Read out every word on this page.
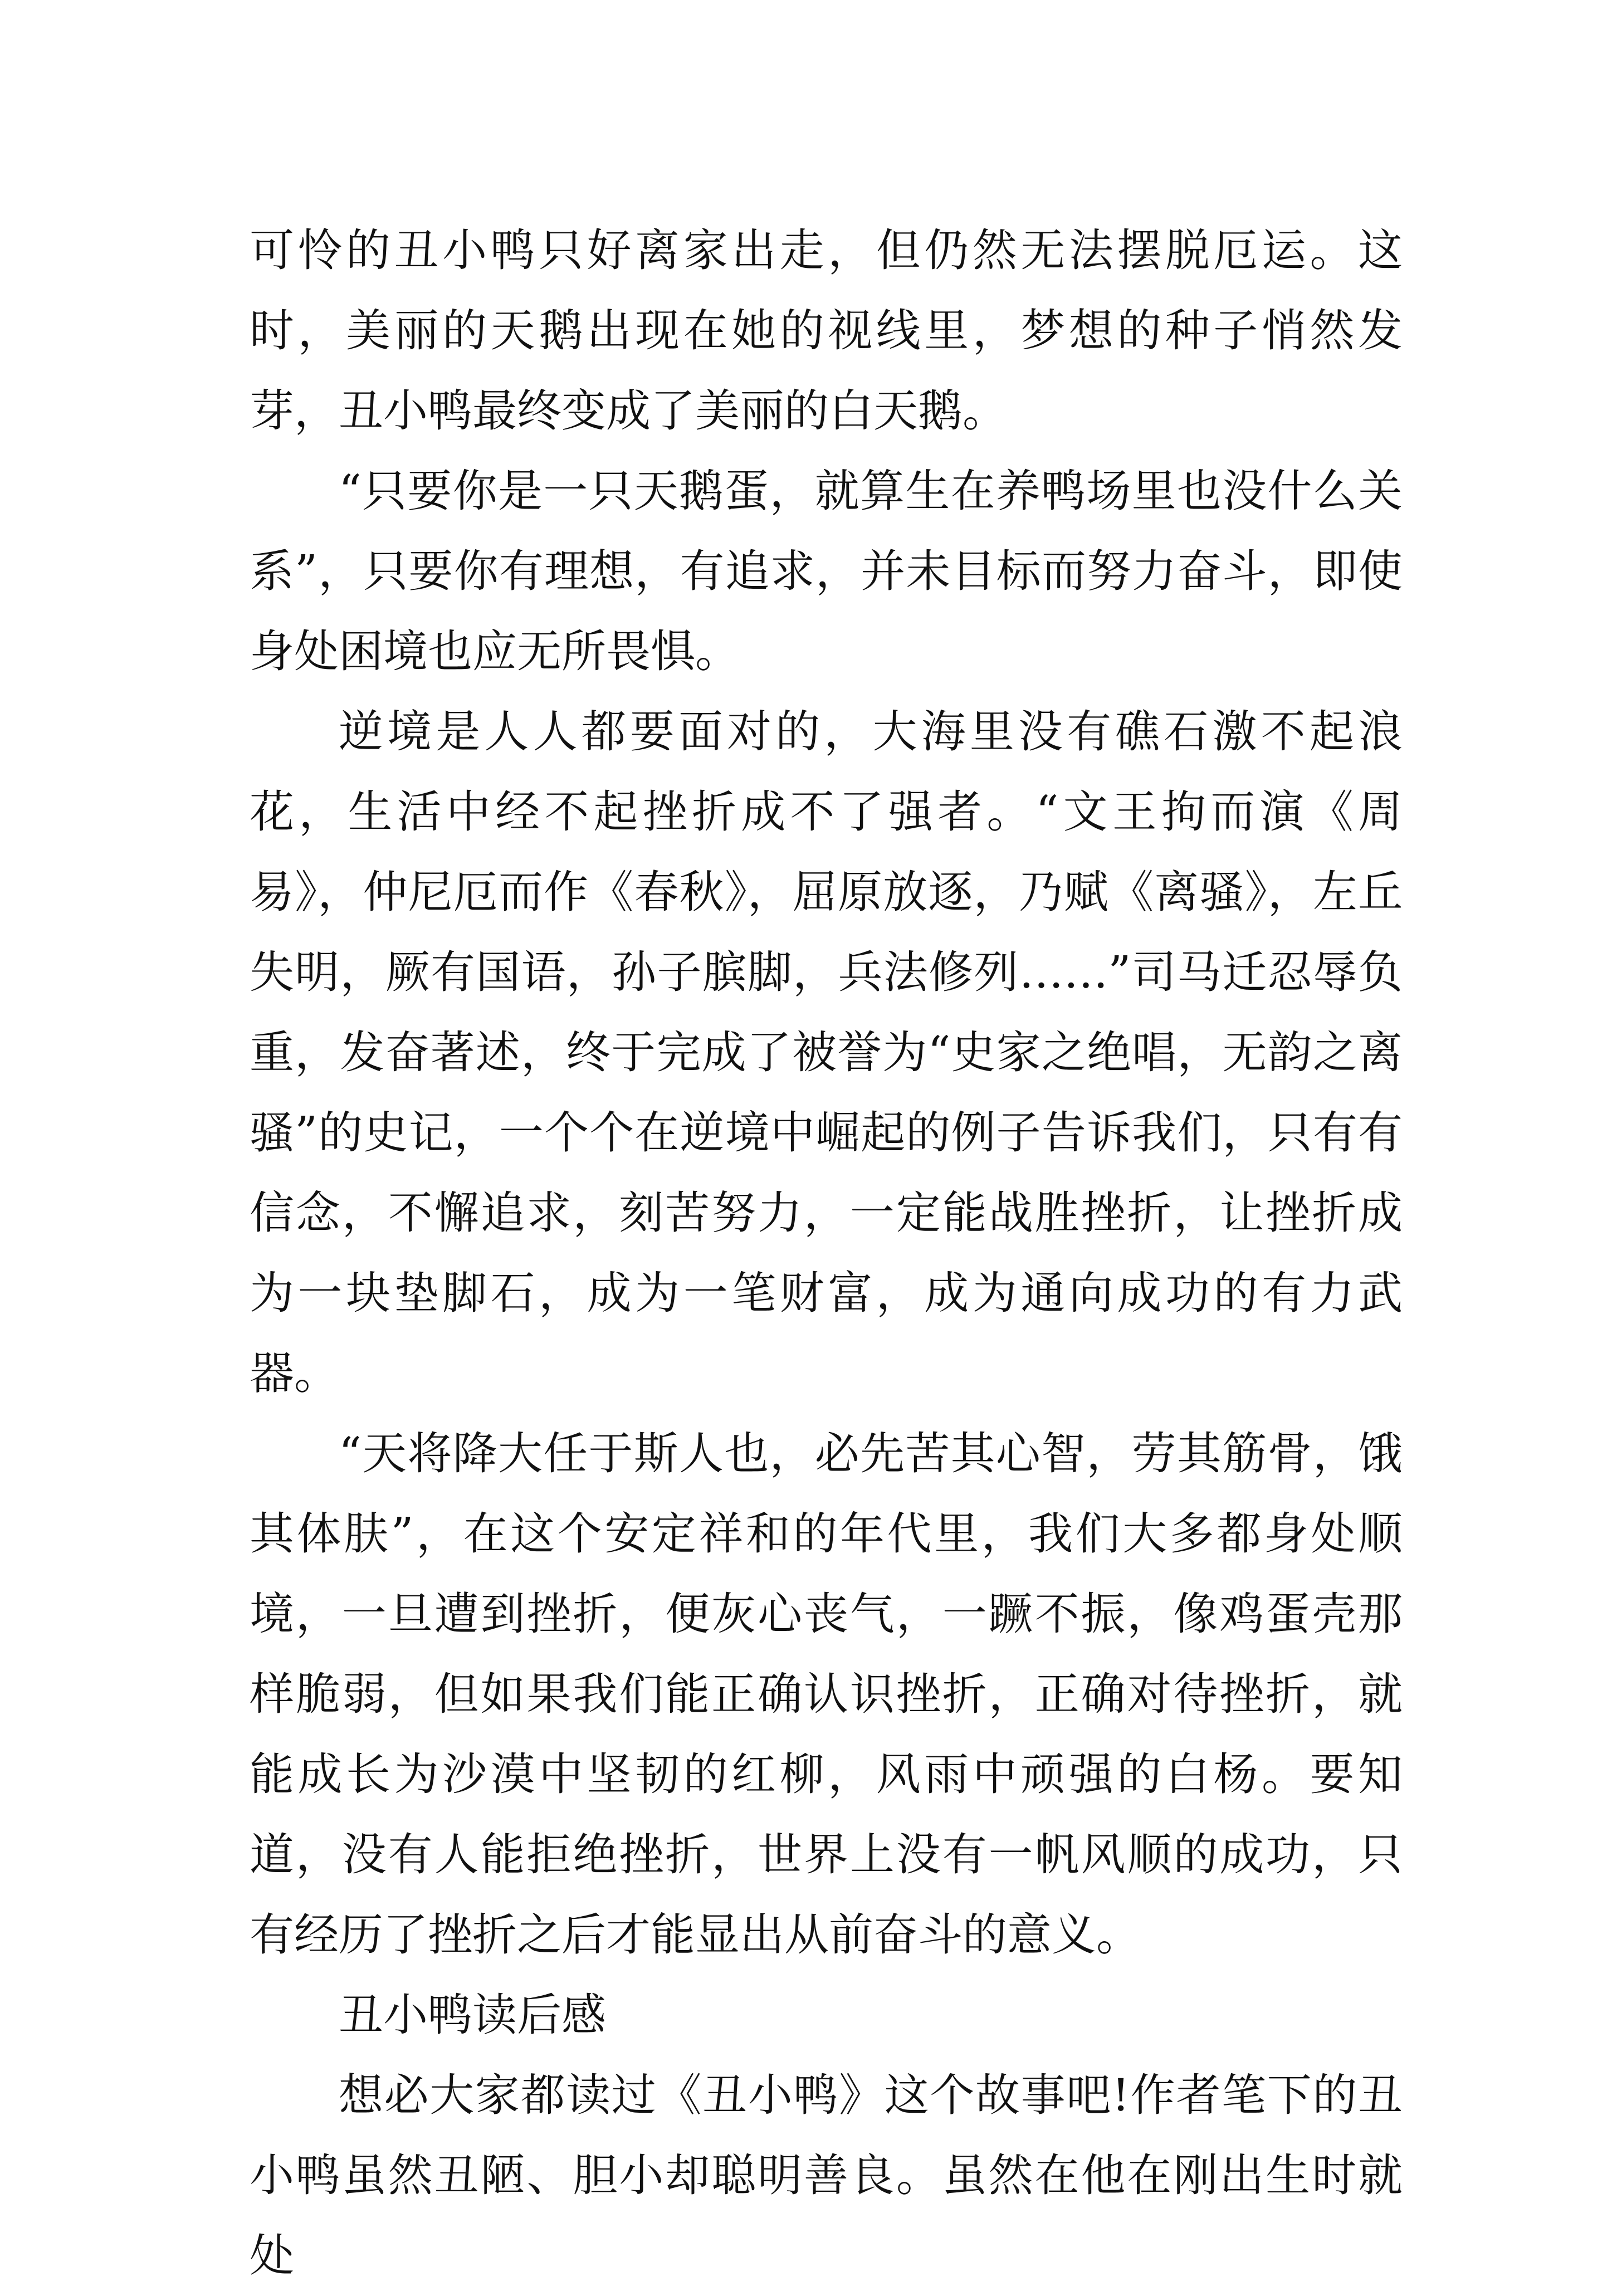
可怜的丑小鸭只好离家出走，但仍然无法摆脱厄运。这时，美丽的天鹅出现在她的视线里，梦想的种子悄然发芽，丑小鸭最终变成了美丽的白天鹅。

“只要你是一只天鹅蛋，就算生在养鸭场里也没什么关系”，只要你有理想，有追求，并未目标而努力奋斗，即使身处困境也应无所畏惧。

逆境是人人都要面对的，大海里没有礁石激不起浪花，生活中经不起挫折成不了强者。“文王拘而演《周易》，仲尼厄而作《春秋》，屈原放逐，乃赋《离骚》，左丘失明，厥有国语，孙子膑脚，兵法修列……”司马迁忍辱负重，发奋著述，终于完成了被誉为“史家之绝唱，无韵之离骚”的史记，一个个在逆境中崛起的例子告诉我们，只有有信念，不懈追求，刻苦努力，一定能战胜挫折，让挫折成为一块垫脚石，成为一笔财富，成为通向成功的有力武器。

“天将降大任于斯人也，必先苦其心智，劳其筋骨，饿其体肤”，在这个安定祥和的年代里，我们大多都身处顺境，一旦遭到挫折，便灰心丧气，一蹶不振，像鸡蛋壳那样脆弱，但如果我们能正确认识挫折，正确对待挫折，就能成长为沙漠中坚韧的红柳，风雨中顽强的白杨。要知道，没有人能拒绝挫折，世界上没有一帆风顺的成功，只有经历了挫折之后才能显出从前奋斗的意义。

丑小鸭读后感

想必大家都读过《丑小鸭》这个故事吧!作者笔下的丑小鸭虽然丑陋、胆小却聪明善良。虽然在他在刚出生时就处
